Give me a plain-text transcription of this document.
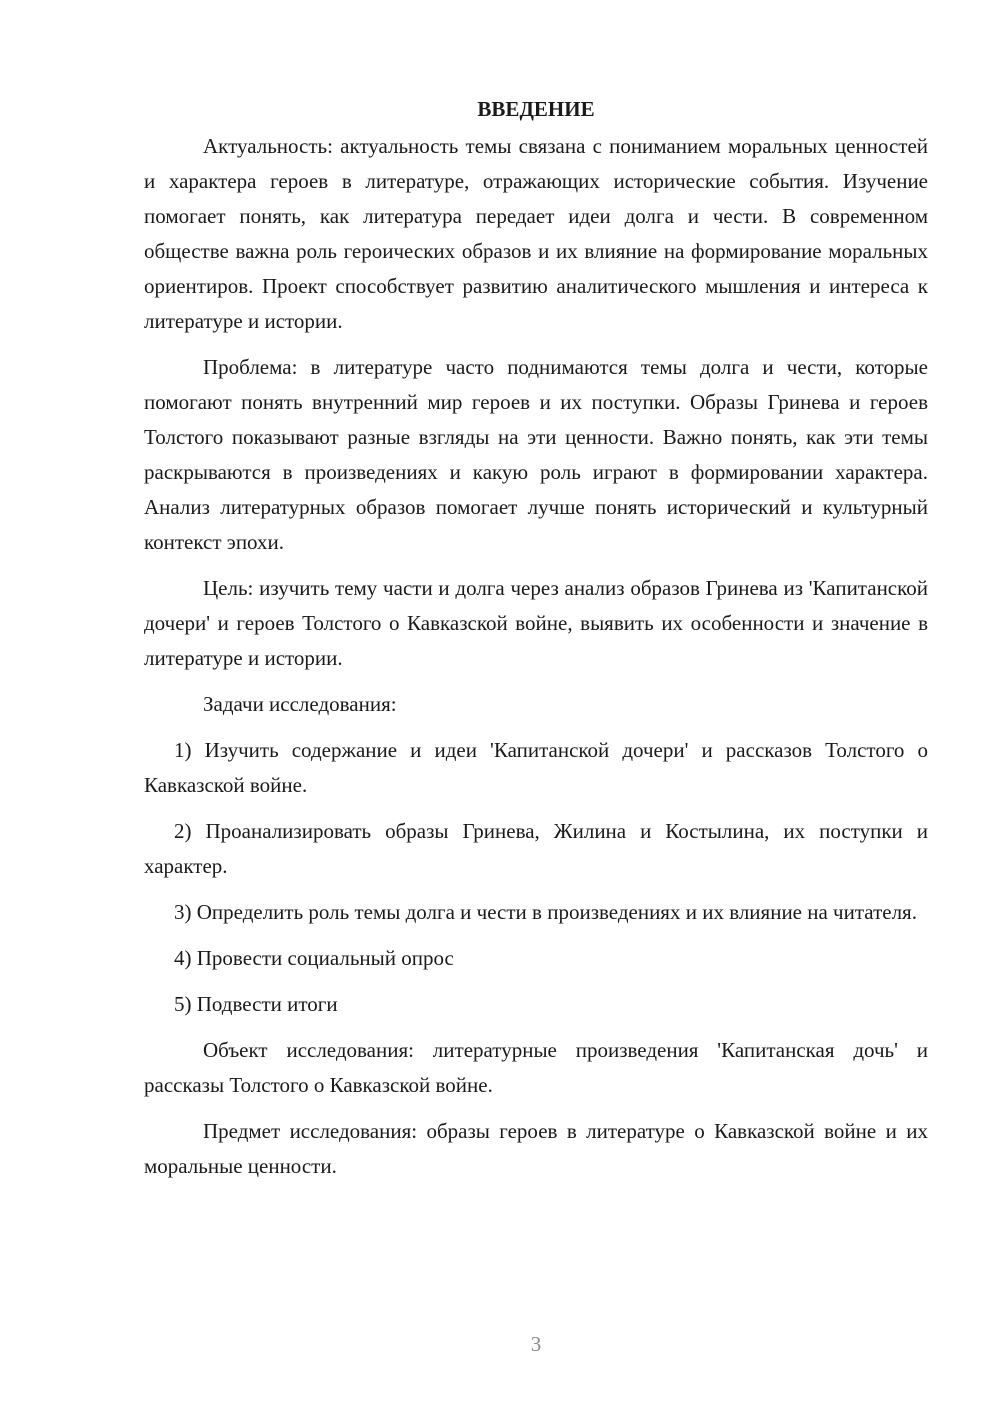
ВВЕДЕНИЕ

Актуальность: актуальность темы связана с пониманием моральных ценностей и характера героев в литературе, отражающих исторические события. Изучение помогает понять, как литература передает идеи долга и чести. В современном обществе важна роль героических образов и их влияние на формирование моральных ориентиров. Проект способствует развитию аналитического мышления и интереса к литературе и истории.

Проблема: в литературе часто поднимаются темы долга и чести, которые помогают понять внутренний мир героев и их поступки. Образы Гринева и героев Толстого показывают разные взгляды на эти ценности. Важно понять, как эти темы раскрываются в произведениях и какую роль играют в формировании характера. Анализ литературных образов помогает лучше понять исторический и культурный контекст эпохи.

Цель: изучить тему части и долга через анализ образов Гринева из 'Капитанской дочери' и героев Толстого о Кавказской войне, выявить их особенности и значение в литературе и истории.

Задачи исследования:

1) Изучить содержание и идеи 'Капитанской дочери' и рассказов Толстого о Кавказской войне.

2) Проанализировать образы Гринева, Жилина и Костылина, их поступки и характер.

3) Определить роль темы долга и чести в произведениях и их влияние на читателя.

4) Провести социальный опрос

5) Подвести итоги

Объект исследования: литературные произведения 'Капитанская дочь' и рассказы Толстого о Кавказской войне.

Предмет исследования: образы героев в литературе о Кавказской войне и их моральные ценности.

3
